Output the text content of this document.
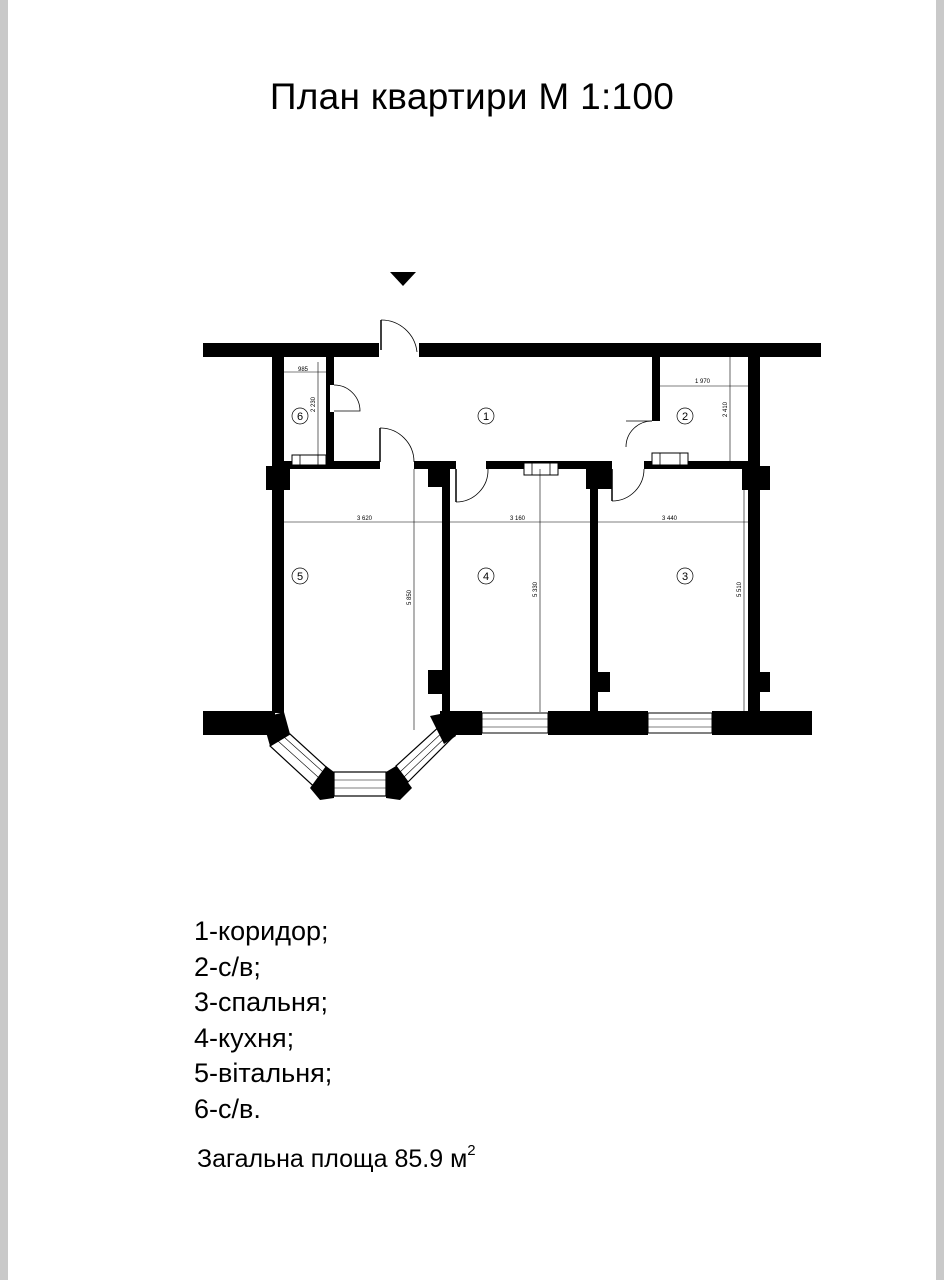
План квартири М 1:100
985
2 230
1 970
2 410
3 620	3 160	3 440
5 850
5 330	5 510
1	2
3
4
5
6
1-коридор;
2-с/в;
3-спальня;
4-кухня;
5-вітальня;
6-с/в.
Загальна площа 85.9 $м^2$
